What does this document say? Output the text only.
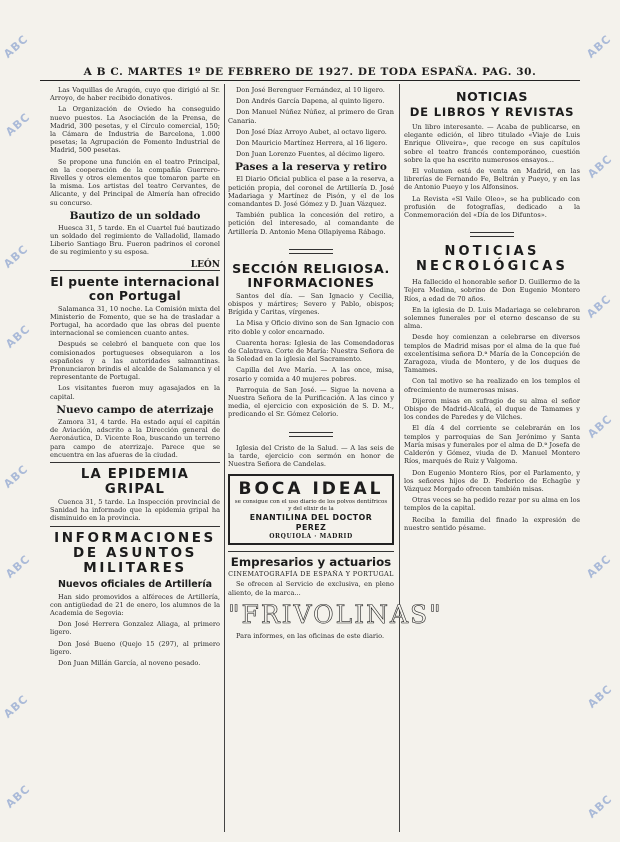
ABC
ABC
ABC
ABC
ABC
ABC
ABC
ABC
ABC
ABC
ABC
ABC
ABC
ABC
ABC
A B C. MARTES 1º DE FEBRERO DE 1927. DE TODA ESPAÑA. PAG. 30.

Las Vaquillas de Aragón, cuyo que dirigió al Sr. Arroyo, de haber recibido donativos.

La Organización de Oviedo ha conseguido nuevo puestos. La Asociación de la Prensa, de Madrid, 300 pesetas, y el Círculo comercial, 150; la Cámara de Industria de Barcelona, 1.000 pesetas; la Agrupación de Fomento Industrial de Madrid, 500 pesetas.

Se propone una función en el teatro Principal, en la cooperación de la compañía Guerrero-Rivelles y otros elementos que tomaron parte en la misma. Los artistas del teatro Cervantes, de Alicante, y del Principal de Almería han ofrecido su concurso.

Bautizo de un soldado

Huesca 31, 5 tarde. En el Cuartel fué bautizado un soldado del regimiento de Valladolid, llamado Liberio Santiago Bru. Fueron padrinos el coronel de su regimiento y su esposa.

LEÓN
El puente internacional con Portugal

Salamanca 31, 10 noche. La Comisión mixta del Ministerio de Fomento, que se ha de trasladar a Portugal, ha acordado que las obras del puente internacional se comiencen cuanto antes.

Después se celebró el banquete con que los comisionados portugueses obsequiaron a los españoles y a las autoridades salmantinas. Pronunciaron brindis el alcalde de Salamanca y el representante de Portugal.

Los visitantes fueron muy agasajados en la capital.

Nuevo campo de aterrizaje

Zamora 31, 4 tarde. Ha estado aquí el capitán de Aviación, adscrito a la Dirección general de Aeronáutica, D. Vicente Roa, buscando un terreno para campo de aterrizaje. Parece que se encuentra en las afueras de la ciudad.

LA EPIDEMIA GRIPAL

Cuenca 31, 5 tarde. La Inspección provincial de Sanidad ha informado que la epidemia gripal ha disminuido en la provincia.

INFORMACIONES DE ASUNTOS MILITARES
Nuevos oficiales de Artillería

Han sido promovidos a alféreces de Artillería, con antigüedad de 21 de enero, los alumnos de la Academia de Segovia:

Don José Herrera Gonzalez Aliaga, al primero ligero.

Don José Bueno (Quejo 15 (297), al primero ligero.

Don Juan Millán García, al noveno pesado.

Don José Berenguer Fernández, al 10 ligero.

Don Andrés García Dapena, al quinto ligero.

Don Manuel Núñez Núñez, al primero de Gran Canaria.

Don José Díaz Arroyo Aubet, al octavo ligero.

Don Mauricio Martínez Herrera, al 16 ligero.

Don Juan Lorenzo Fuentes, al décimo ligero.

Pases a la reserva y retiro

El Diario Oficial publica el pase a la reserva, a petición propia, del coronel de Artillería D. José Madariaga y Martínez de Pisón, y el de los comandantes D. José Gómez y D. Juan Vázquez.

También publica la concesión del retiro, a petición del interesado, al comandante de Artillería D. Antonio Mena Ollapiyema Rábago.

SECCIÓN RELIGIOSA. INFORMACIONES

Santos del día. — San Ignacio y Cecilia, obispos y mártires; Severo y Pablo, obispos; Brígida y Caritas, vírgenes.

La Misa y Oficio divino son de San Ignacio con rito doble y color encarnado.

Cuarenta horas: Iglesia de las Comendadoras de Calatrava. Corte de María: Nuestra Señora de la Soledad en la iglesia del Sacramento.

Capilla del Ave María. — A las once, misa, rosario y comida a 40 mujeres pobres.

Parroquia de San José. — Sigue la novena a Nuestra Señora de la Purificación. A las cinco y media, el ejercicio con exposición de S. D. M., predicando el Sr. Gómez Celorio.

Iglesia del Cristo de la Salud. — A las seis de la tarde, ejercicio con sermón en honor de Nuestra Señora de Candelas.

BOCA IDEAL
se consigue con el uso diario de los polvos dentífricos y del elixir de la
ENANTILINA DEL DOCTOR PEREZ
ORQUIOLA · MADRID
Empresarios y actuarios
CINEMATOGRAFÍA DE ESPAÑA Y PORTUGAL

Se ofrecen al Servicio de exclusiva, en pleno aliento, de la marca...

"FRIVOLINAS"

Para informes, en las oficinas de este diario.

NOTICIAS
DE LIBROS Y REVISTAS

Un libro interesante. — Acaba de publicarse, en elegante edición, el libro titulado «Viaje de Luis Enrique Oliveira», que recoge en sus capítulos sobre el teatro francés contemporáneo, cuestión sobre la que ha escrito numerosos ensayos...

El volumen está de venta en Madrid, en las librerías de Fernando Fe, Beltrán y Pueyo, y en las de Antonio Pueyo y los Alfonsinos.

La Revista «Sl Vaile Oleo», se ha publicado con profusión de fotografías, dedicado a la Conmemoración del «Día de los Difuntos».

NOTICIAS
NECROLÓGICAS

Ha fallecido el honorable señor D. Guillermo de la Tejera Medina, sobrino de Don Eugenio Montero Ríos, a edad de 70 años.

En la iglesia de D. Luis Madariaga se celebraron solemnes funerales por el eterno descanso de su alma.

Desde hoy comienzan a celebrarse en diversos templos de Madrid misas por el alma de la que fué excelentísima señora D.ª María de la Concepción de Zaragoza, viuda de Montero, y de los duques de Tamames.

Con tal motivo se ha realizado en los templos el ofrecimiento de numerosas misas.

Dijeron misas en sufragio de su alma el señor Obispo de Madrid-Alcalá, el duque de Tamames y los condes de Paredes y de Vilches.

El día 4 del corriente se celebrarán en los templos y parroquias de San Jerónimo y Santa María misas y funerales por el alma de D.ª Josefa de Calderón y Gómez, viuda de D. Manuel Montero Ríos, marqués de Ruiz y Valgoma.

Don Eugenio Montero Ríos, por el Parlamento, y los señores hijos de D. Federico de Echagüe y Vázquez Morgado ofrecen también misas.

Otras veces se ha pedido rezar por su alma en los templos de la capital.

Reciba la familia del finado la expresión de nuestro sentido pésame.
